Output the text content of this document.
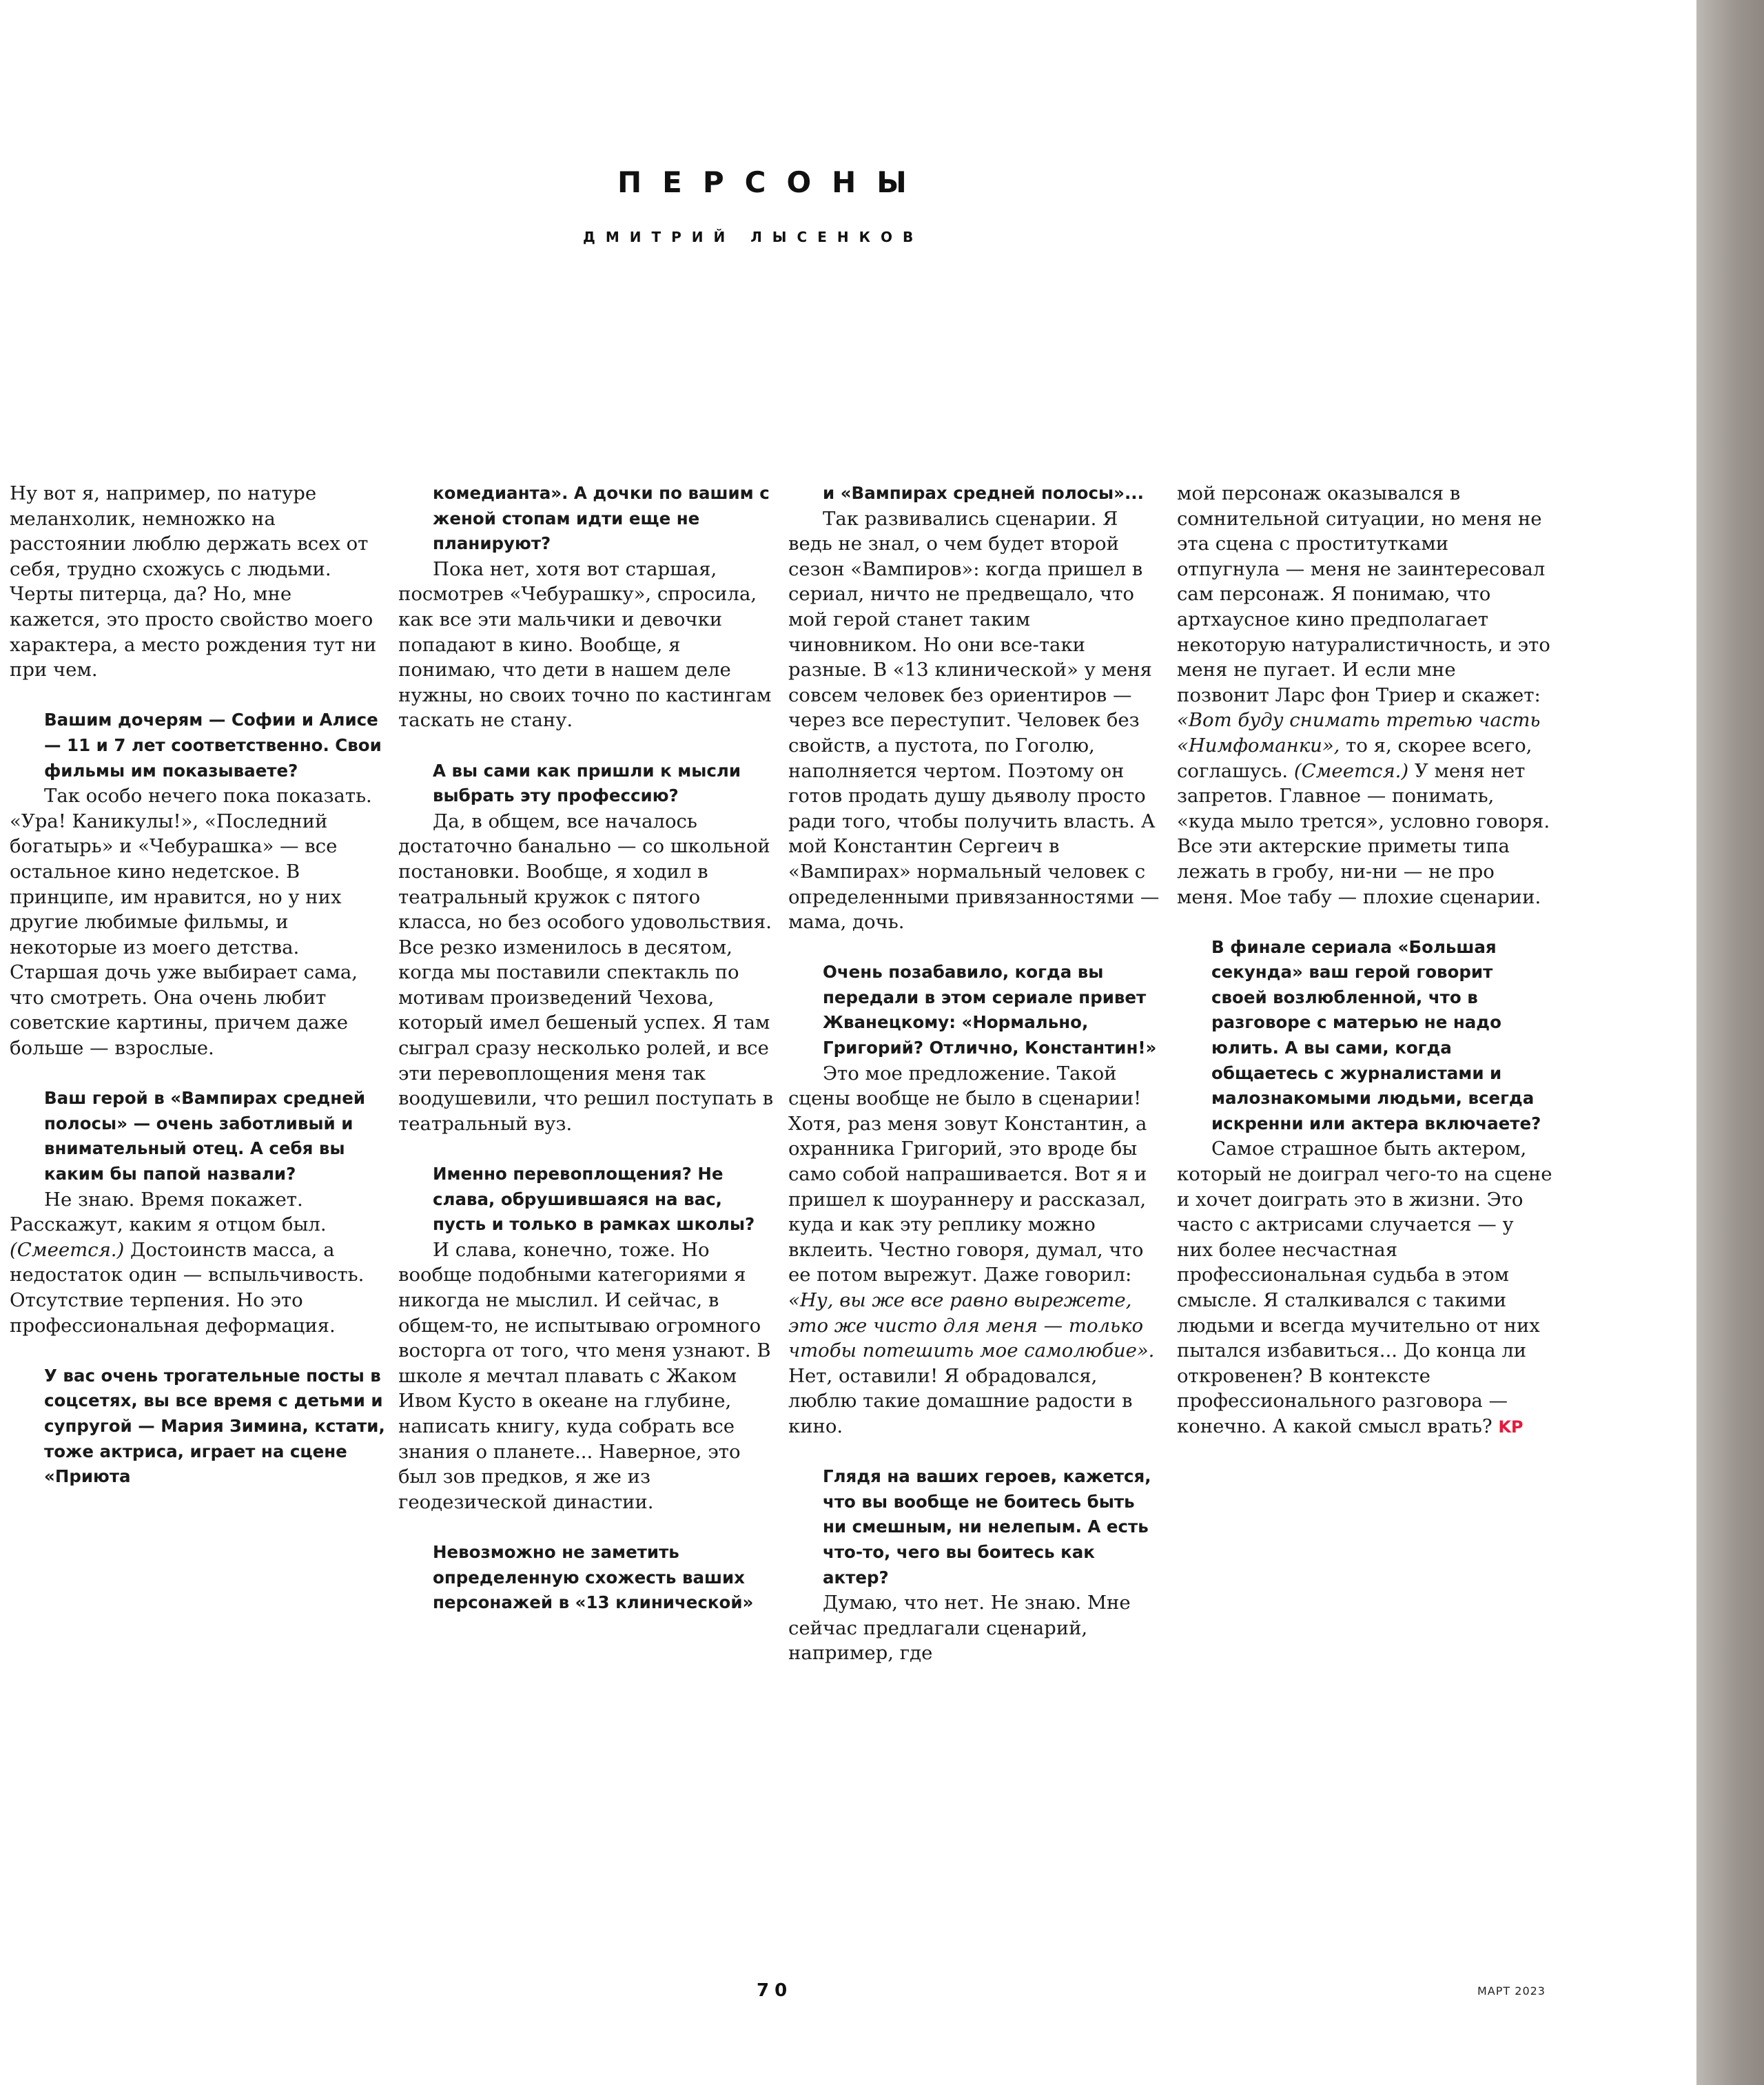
ПЕРСОНЫ
ДМИТРИЙ ЛЫСЕНКОВ

Ну вот я, например, по натуре меланхолик, немножко на расстоянии люблю держать всех от себя, трудно схожусь с людьми. Черты питерца, да? Но, мне кажется, это просто свойство моего характера, а место рождения тут ни при чем.

Вашим дочерям — Софии и Алисе — 11 и 7 лет соответственно. Свои фильмы им показываете?

Так особо нечего пока показать. «Ура! Каникулы!», «Последний богатырь» и «Чебурашка» — все остальное кино недетское. В принципе, им нравится, но у них другие любимые фильмы, и некоторые из моего детства. Старшая дочь уже выбирает сама, что смотреть. Она очень любит советские картины, причем даже больше — взрослые.

Ваш герой в «Вампирах средней полосы» — очень заботливый и внимательный отец. А себя вы каким бы папой назвали?

Не знаю. Время покажет. Расскажут, каким я отцом был. (Смеется.) Достоинств масса, а недостаток один — вспыльчивость. Отсутствие терпения. Но это профессиональная деформация.

У вас очень трогательные посты в соцсетях, вы все время с детьми и супругой — Мария Зимина, кстати, тоже актриса, играет на сцене «Приюта

комедианта». А дочки по вашим с женой стопам идти еще не планируют?

Пока нет, хотя вот старшая, посмотрев «Чебурашку», спросила, как все эти мальчики и девочки попадают в кино. Вообще, я понимаю, что дети в нашем деле нужны, но своих точно по кастингам таскать не стану.

А вы сами как пришли к мысли выбрать эту профессию?

Да, в общем, все началось достаточно банально — со школьной постановки. Вообще, я ходил в театральный кружок с пятого класса, но без особого удовольствия. Все резко изменилось в десятом, когда мы поставили спектакль по мотивам произведений Чехова, который имел бешеный успех. Я там сыграл сразу несколько ролей, и все эти перевоплощения меня так воодушевили, что решил поступать в театральный вуз.

Именно перевоплощения? Не слава, обрушившаяся на вас, пусть и только в рамках школы?

И слава, конечно, тоже. Но вообще подобными категориями я никогда не мыслил. И сейчас, в общем-то, не испытываю огромного восторга от того, что меня узнают. В школе я мечтал плавать с Жаком Ивом Кусто в океане на глубине, написать книгу, куда собрать все знания о планете... Наверное, это был зов предков, я же из геодезической династии.

Невозможно не заметить определенную схожесть ваших персонажей в «13 клинической»

и «Вампирах средней полосы»...

Так развивались сценарии. Я ведь не знал, о чем будет второй сезон «Вампиров»: когда пришел в сериал, ничто не предвещало, что мой герой станет таким чиновником. Но они все-таки разные. В «13 клинической» у меня совсем человек без ориентиров — через все переступит. Человек без свойств, а пустота, по Гоголю, наполняется чертом. Поэтому он готов продать душу дьяволу просто ради того, чтобы получить власть. А мой Константин Сергеич в «Вампирах» нормальный человек с определенными привязанностями — мама, дочь.

Очень позабавило, когда вы передали в этом сериале привет Жванецкому: «Нормально, Григорий? Отлично, Константин!»

Это мое предложение. Такой сцены вообще не было в сценарии! Хотя, раз меня зовут Константин, а охранника Григорий, это вроде бы само собой напрашивается. Вот я и пришел к шоураннеру и рассказал, куда и как эту реплику можно вклеить. Честно говоря, думал, что ее потом вырежут. Даже говорил: «Ну, вы же все равно вырежете, это же чисто для меня — только чтобы потешить мое самолюбие». Нет, оставили! Я обрадовался, люблю такие домашние радости в кино.

Глядя на ваших героев, кажется, что вы вообще не боитесь быть ни смешным, ни нелепым. А есть что-то, чего вы боитесь как актер?

Думаю, что нет. Не знаю. Мне сейчас предлагали сценарий, например, где

мой персонаж оказывался в сомнительной ситуации, но меня не эта сцена с проститутками отпугнула — меня не заинтересовал сам персонаж. Я понимаю, что артхаусное кино предполагает некоторую натуралистичность, и это меня не пугает. И если мне позвонит Ларс фон Триер и скажет: «Вот буду снимать третью часть «Нимфоманки», то я, скорее всего, соглашусь. (Смеется.) У меня нет запретов. Главное — понимать, «куда мыло трется», условно говоря. Все эти актерские приметы типа лежать в гробу, ни-ни — не про меня. Мое табу — плохие сценарии.

В финале сериала «Большая секунда» ваш герой говорит своей возлюбленной, что в разговоре с матерью не надо юлить. А вы сами, когда общаетесь с журналистами и малознакомыми людьми, всегда искренни или актера включаете?

Самое страшное быть актером, который не доиграл чего-то на сцене и хочет доиграть это в жизни. Это часто с актрисами случается — у них более несчастная профессиональная судьба в этом смысле. Я сталкивался с такими людьми и всегда мучительно от них пытался избавиться... До конца ли откровенен? В контексте профессионального разговора — конечно. А какой смысл врать? KP

70	МАРТ 2023
